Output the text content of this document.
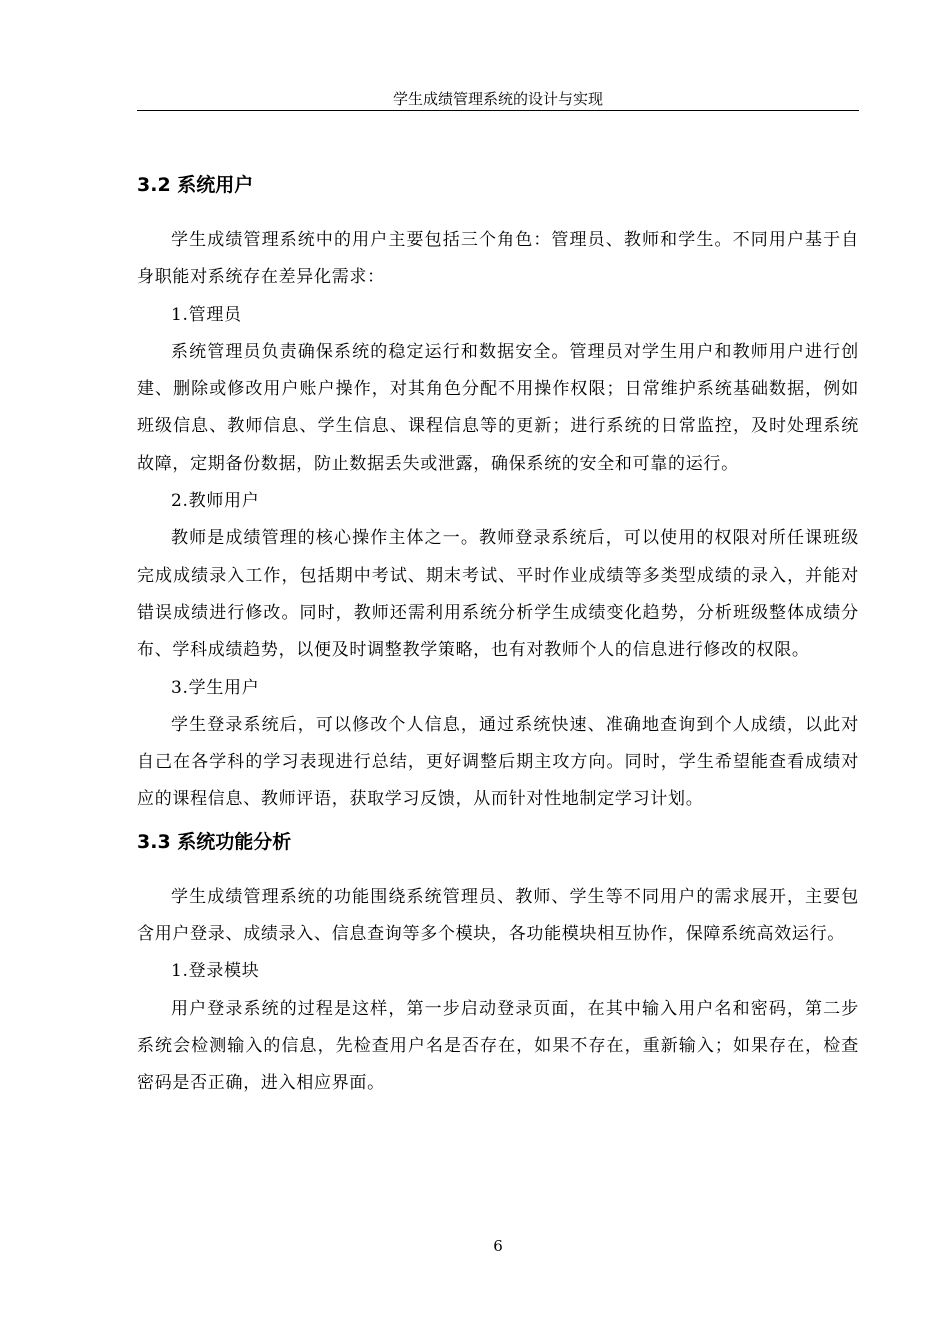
学生成绩管理系统的设计与实现
3.2 系统用户

学生成绩管理系统中的用户主要包括三个角色：管理员、教师和学生。不同用户基于自身职能对系统存在差异化需求：

1.管理员

系统管理员负责确保系统的稳定运行和数据安全。管理员对学生用户和教师用户进行创建、删除或修改用户账户操作，对其角色分配不用操作权限；日常维护系统基础数据，例如班级信息、教师信息、学生信息、课程信息等的更新；进行系统的日常监控，及时处理系统故障，定期备份数据，防止数据丢失或泄露，确保系统的安全和可靠的运行。

2.教师用户

教师是成绩管理的核心操作主体之一。教师登录系统后，可以使用的权限对所任课班级完成成绩录入工作，包括期中考试、期末考试、平时作业成绩等多类型成绩的录入，并能对错误成绩进行修改。同时，教师还需利用系统分析学生成绩变化趋势，分析班级整体成绩分布、学科成绩趋势，以便及时调整教学策略，也有对教师个人的信息进行修改的权限。

3.学生用户

学生登录系统后，可以修改个人信息，通过系统快速、准确地查询到个人成绩，以此对自己在各学科的学习表现进行总结，更好调整后期主攻方向。同时，学生希望能查看成绩对应的课程信息、教师评语，获取学习反馈，从而针对性地制定学习计划。

3.3 系统功能分析

学生成绩管理系统的功能围绕系统管理员、教师、学生等不同用户的需求展开，主要包含用户登录、成绩录入、信息查询等多个模块，各功能模块相互协作，保障系统高效运行。

1.登录模块

用户登录系统的过程是这样，第一步启动登录页面，在其中输入用户名和密码，第二步系统会检测输入的信息，先检查用户名是否存在，如果不存在，重新输入；如果存在，检查密码是否正确，进入相应界面。

6
